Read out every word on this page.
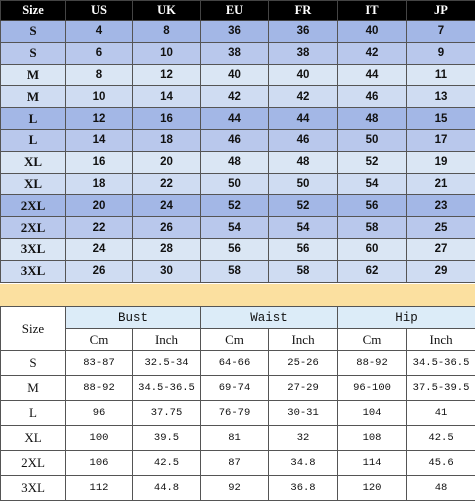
Size	US	UK	EU	FR	IT	JP
S	4	8	36	36	40	7
S	6	10	38	38	42	9
M	8	12	40	40	44	11
M	10	14	42	42	46	13
L	12	16	44	44	48	15
L	14	18	46	46	50	17
XL	16	20	48	48	52	19
XL	18	22	50	50	54	21
2XL	20	24	52	52	56	23
2XL	22	26	54	54	58	25
3XL	24	28	56	56	60	27
3XL	26	30	58	58	62	29
Size	Bust		Waist		Hip	
	Cm	Inch	Cm	Inch	Cm	Inch
S	83-87	32.5-34	64-66	25-26	88-92	34.5-36.5
M	88-92	34.5-36.5	69-74	27-29	96-100	37.5-39.5
L	96	37.75	76-79	30-31	104	41
XL	100	39.5	81	32	108	42.5
2XL	106	42.5	87	34.8	114	45.6
3XL	112	44.8	92	36.8	120	48
